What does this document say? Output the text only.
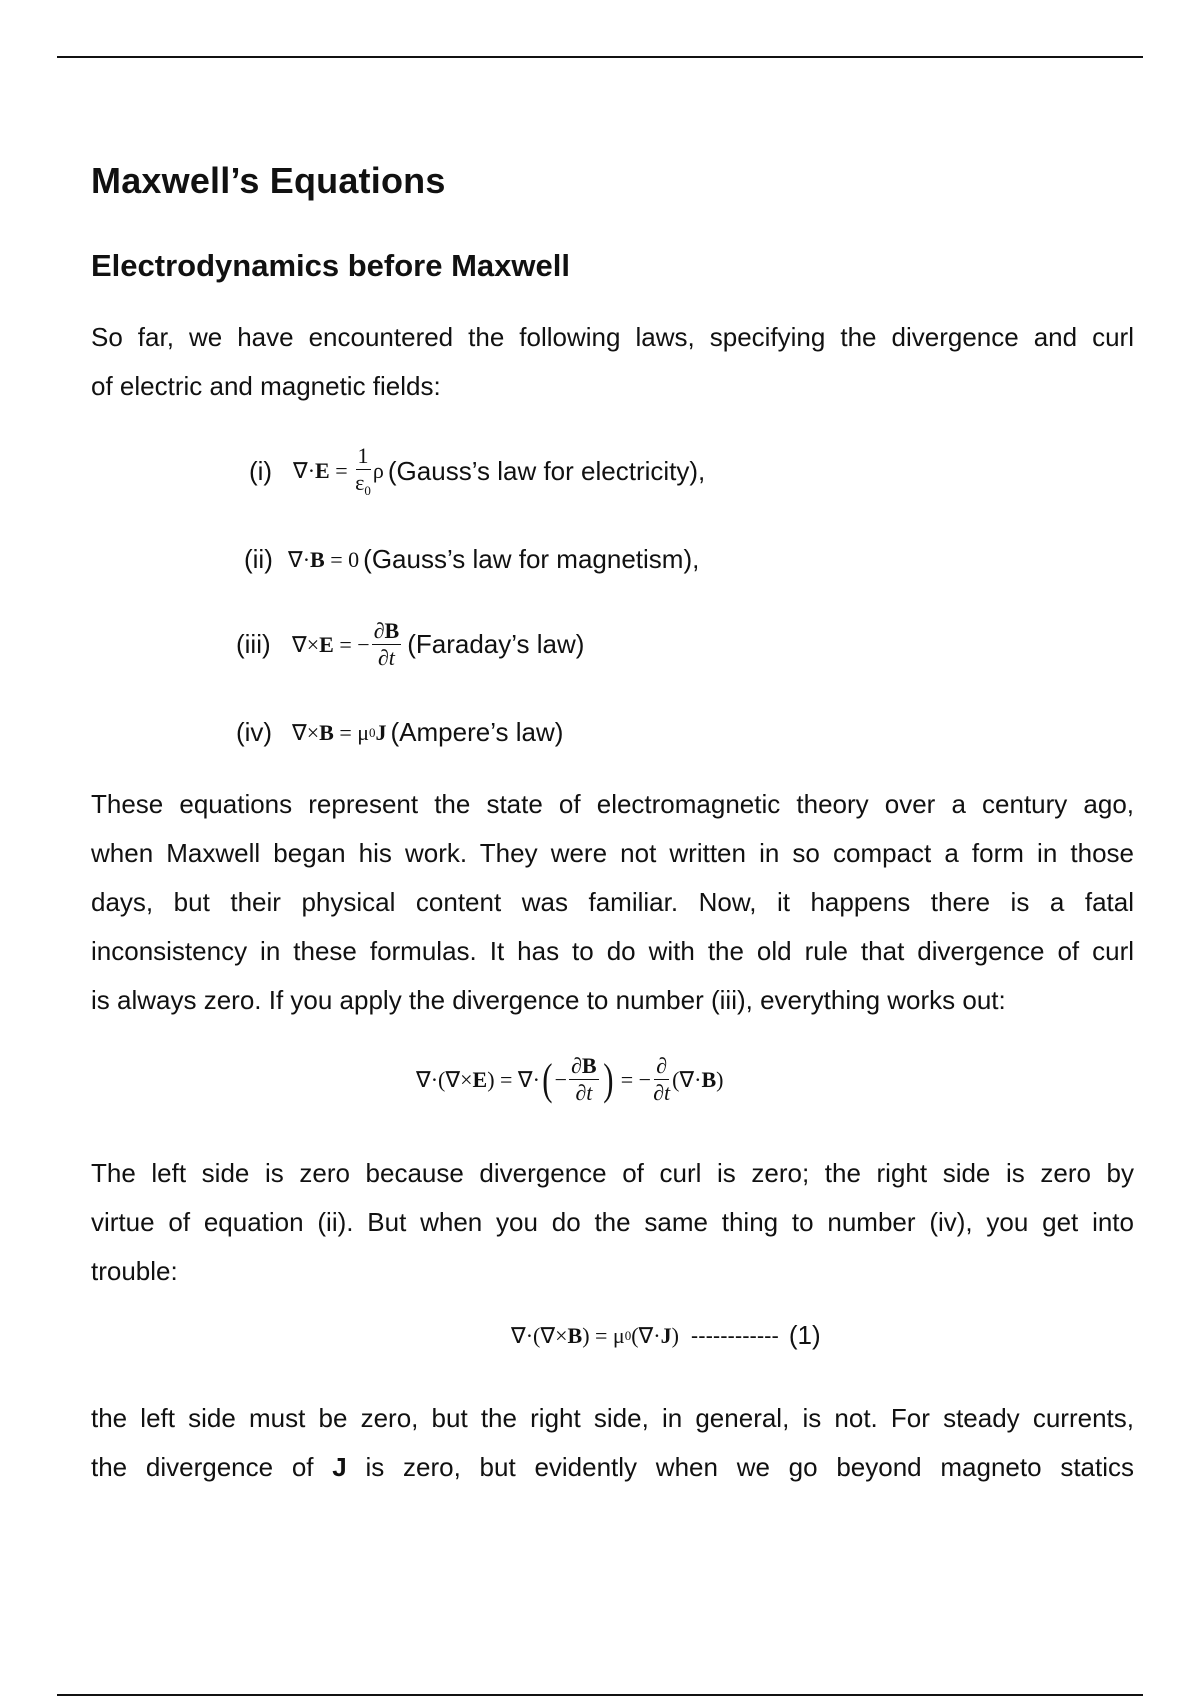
Maxwell’s Equations
Electrodynamics before Maxwell
So far, we have encountered the following laws, specifying the divergence and curl
of electric and magnetic fields:
(i) ∇· $E = \frac{1}{\varepsilon_0}$ ρ (Gauss’s law for electricity),
(ii) ∇· B = 0 (Gauss’s law for magnetism),
(iii) ∇× E = − $\frac{\partial B}{\partial t}$ (Faraday’s law)
(iv) ∇× B = μ 0 J (Ampere’s law)
These equations represent the state of electromagnetic theory over a century ago,
when Maxwell began his work. They were not written in so compact a form in those
days, but their physical content was familiar. Now, it happens there is a fatal
inconsistency in these formulas. It has to do with the old rule that divergence of curl
is always zero. If you apply the divergence to number (iii), everything works out:
∇·(∇× E ) = ∇· ( − $\frac{\partial B}{\partial t}$ ) = − $\frac{\partial}{\partial t}$ (∇· B )
The left side is zero because divergence of curl is zero; the right side is zero by
virtue of equation (ii). But when you do the same thing to number (iv), you get into
trouble:
∇·(∇× B ) = μ 0 (∇· J ) ------------ (1)
the left side must be zero, but the right side, in general, is not. For steady currents,
the divergence of J is zero, but evidently when we go beyond magneto statics
